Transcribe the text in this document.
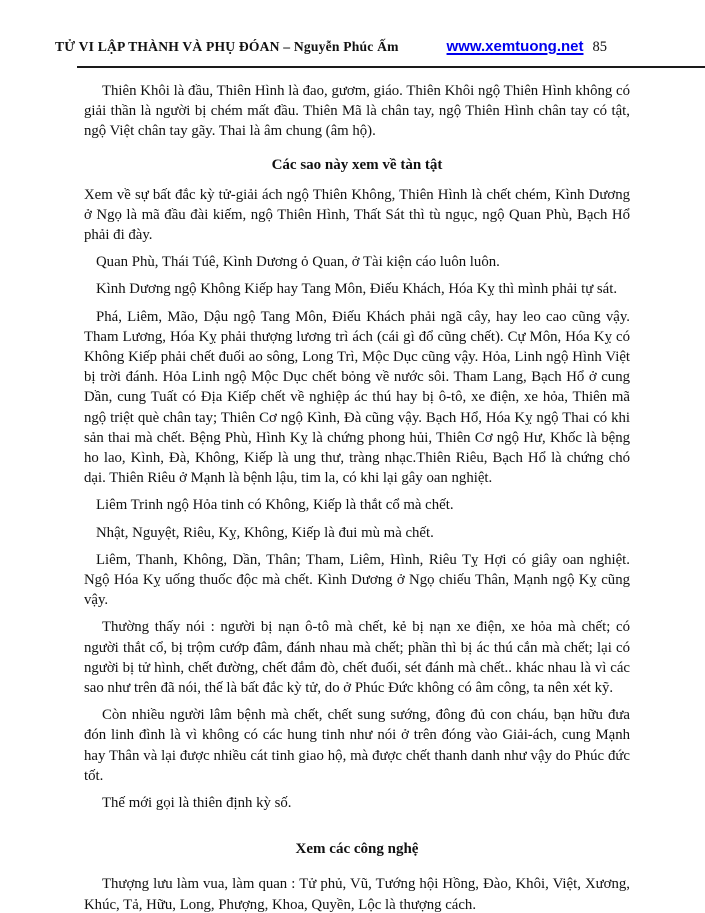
TỬ VI LẬP THÀNH VÀ PHỤ ĐÓAN – Nguyễn Phúc Ấm	www.xemtuong.net 85

Thiên Khôi là đầu, Thiên Hình là đao, gươm, giáo. Thiên Khôi ngộ Thiên Hình không có giải thần là người bị chém mất đầu. Thiên Mã là chân tay, ngộ Thiên Hình chân tay có tật, ngộ Việt chân tay gãy. Thai là âm chung (âm hộ).

Các sao này xem về tàn tật

Xem về sự bất đắc kỳ tử-giải ách ngộ Thiên Không, Thiên Hình là chết chém, Kình Dương ở Ngọ là mã đầu đài kiếm, ngộ Thiên Hình, Thất Sát thì tù ngục, ngộ Quan Phù, Bạch Hổ phải đi đày.

Quan Phù, Thái Túê, Kình Dương ỏ Quan, ở Tài kiện cáo luôn luôn.

Kình Dương ngộ Không Kiếp hay Tang Môn, Điếu Khách, Hóa Kỵ thì mình phải tự sát.

Phá, Liêm, Mão, Dậu ngộ Tang Môn, Điếu Khách phải ngã cây, hay leo cao cũng vậy. Tham Lương, Hóa Kỵ phải thượng lương trì ách (cái gì đổ cũng chết). Cự Môn, Hóa Kỵ có Không Kiếp phải chết đuối ao sông, Long Trì, Mộc Dục cũng vậy. Hỏa, Linh ngộ Hình Việt bị trời đánh. Hỏa Linh ngộ Mộc Dục chết bỏng về nước sôi. Tham Lang, Bạch Hổ ở cung Dần, cung Tuất có Địa Kiếp chết về nghiệp ác thú hay bị ô-tô, xe điện, xe hỏa, Thiên mã ngộ triệt què chân tay; Thiên Cơ ngộ Kình, Đà cũng vậy. Bạch Hổ, Hóa Kỵ ngộ Thai có khi sản thai mà chết. Bệng Phù, Hình Kỵ là chứng phong hủi, Thiên Cơ ngộ Hư, Khốc là bệng ho lao, Kình, Đà, Không, Kiếp là ung thư, tràng nhạc.Thiên Riêu, Bạch Hổ là chứng chó dại. Thiên Riêu ở Mạnh là bệnh lậu, tim la, có khi lại gây oan nghiệt.

Liêm Trinh ngộ Hỏa tinh có Không, Kiếp là thắt cổ mà chết.

Nhật, Nguyệt, Riêu, Kỵ, Không, Kiếp là đui mù mà chết.

Liêm, Thanh, Không, Dần, Thân; Tham, Liêm, Hình, Riêu Tỵ Hợi có giây oan nghiệt. Ngộ Hóa Kỵ uống thuốc độc mà chết. Kình Dương ở Ngọ chiếu Thân, Mạnh ngộ Kỵ cũng vậy.

Thường thấy nói : người bị nạn ô-tô mà chết, kẻ bị nạn xe điện, xe hỏa mà chết; có người thắt cổ, bị trộm cướp đâm, đánh nhau mà chết; phần thì bị ác thú cắn mà chết; lại có người bị tử hình, chết đường, chết đắm đò, chết đuối, sét đánh mà chết.. khác nhau là vì các sao như trên đã nói, thế là bất đắc kỳ tử, do ở Phúc Đức không có âm công, ta nên xét kỹ.

Còn nhiều người lâm bệnh mà chết, chết sung sướng, đông đủ con cháu, bạn hữu đưa đón linh đình là vì không có các hung tinh như nói ở trên đóng vào Giải-ách, cung Mạnh hay Thân và lại được nhiều cát tinh giao hộ, mà được chết thanh danh như vậy do Phúc đức tốt.

Thế mới gọi là thiên định kỳ số.

Xem các công nghệ

Thượng lưu làm vua, làm quan : Tử phủ, Vũ, Tướng hội Hồng, Đào, Khôi, Việt, Xương, Khúc, Tả, Hữu, Long, Phượng, Khoa, Quyền, Lộc là thượng cách.
